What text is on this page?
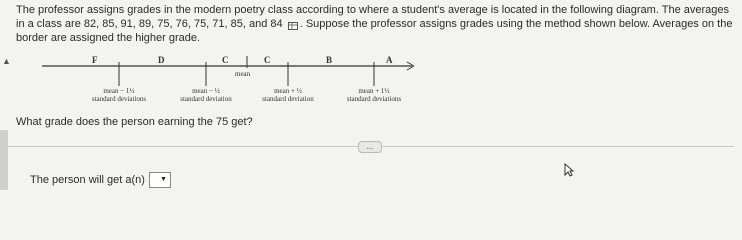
The professor assigns grades in the modern poetry class according to where a student's average is located in the following diagram. The averages in a class are 82, 85, 91, 89, 75, 76, 75, 71, 85, and 84 . Suppose the professor assigns grades using the method shown below. Averages on the border are assigned the higher grade.
▲	F	D	C	C	B	A
mean
mean − 1½
standard deviations
mean − ½
standard deviation
mean + ½
standard deviation
mean + 1½
standard deviations
What grade does the person earning the 75 get?
...
The person will get a(n) ▼
